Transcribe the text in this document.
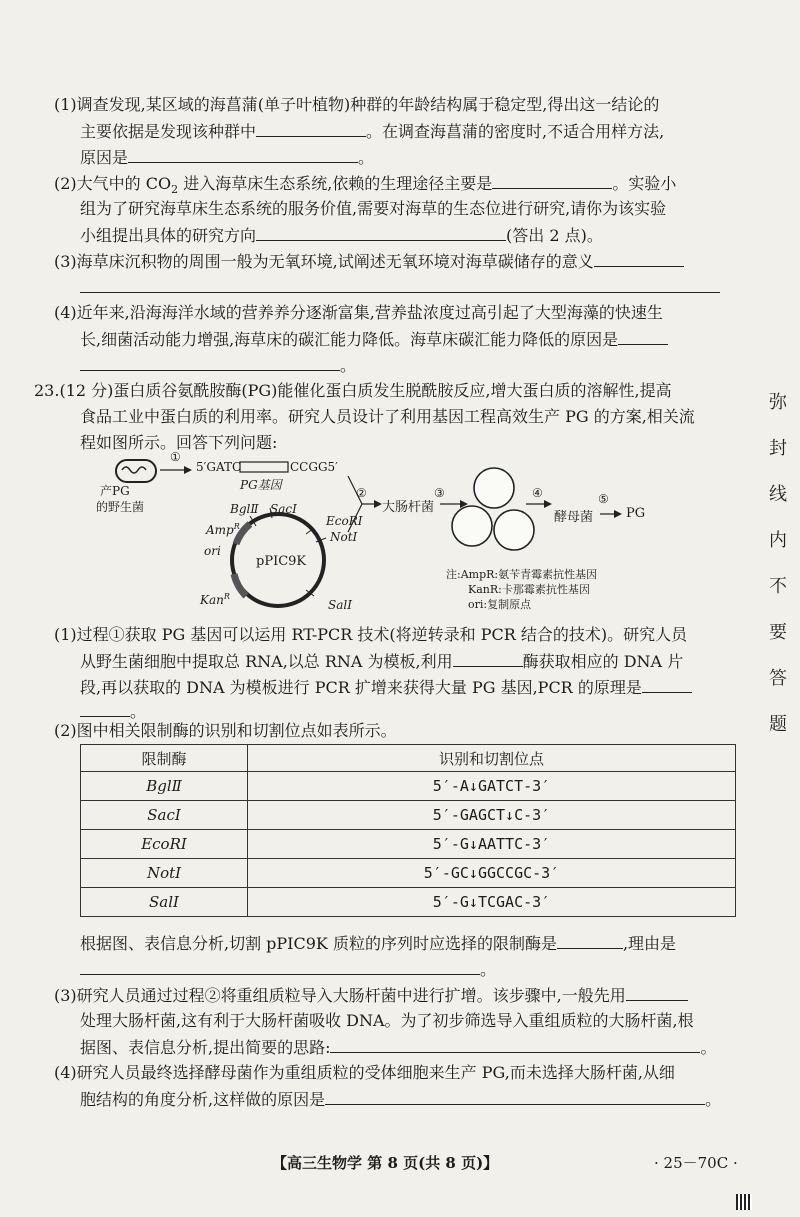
(1)调查发现,某区域的海菖蒲(单子叶植物)种群的年龄结构属于稳定型,得出这一结论的
主要依据是发现该种群中	。在调查海菖蒲的密度时,不适合用样方法,
原因是	。
(2)大气中的 $CO_2$ 进入海草床生态系统,依赖的生理途径主要是	。实验小
组为了研究海草床生态系统的服务价值,需要对海草的生态位进行研究,请你为该实验
小组提出具体的研究方向	(答出 2 点)。
(3)海草床沉积物的周围一般为无氧环境,试阐述无氧环境对海草碳储存的意义
(4)近年来,沿海海洋水域的营养养分逐渐富集,营养盐浓度过高引起了大型海藻的快速生
长,细菌活动能力增强,海草床的碳汇能力降低。海草床碳汇能力降低的原因是
。
23.(12 分)蛋白质谷氨酰胺酶(PG)能催化蛋白质发生脱酰胺反应,增大蛋白质的溶解性,提高
食品工业中蛋白质的利用率。研究人员设计了利用基因工程高效生产 PG 的方案,相关流
程如图所示。回答下列问题:
①
产PG
的野生菌
5′GATC	CCGG5′
PG基因
BglⅡ SacⅠ
Amp$^R$	EcoRⅠ
NotⅠ
ori
pPIC9K
Kan$^R$
SalⅠ
②
大肠杆菌
③	④
酵母菌
⑤
PG
注:AmpR:氨苄青霉素抗性基因
KanR:卡那霉素抗性基因
ori:复制原点
(1)过程①获取 PG 基因可以运用 RT-PCR 技术(将逆转录和 PCR 结合的技术)。研究人员
从野生菌细胞中提取总 RNA,以总 RNA 为模板,利用	酶获取相应的 DNA 片
段,再以获取的 DNA 为模板进行 PCR 扩增来获得大量 PG 基因,PCR 的原理是
。
(2)图中相关限制酶的识别和切割位点如表所示。
限制酶	识别和切割位点
BglⅡ	5′-A↓GATCT-3′
SacⅠ	5′-GAGCT↓C-3′
EcoRⅠ	5′-G↓AATTC-3′
NotⅠ	5′-GC↓GGCCGC-3′
SalⅠ	5′-G↓TCGAC-3′
根据图、表信息分析,切割 pPIC9K 质粒的序列时应选择的限制酶是	,理由是
。
(3)研究人员通过过程②将重组质粒导入大肠杆菌中进行扩增。该步骤中,一般先用
处理大肠杆菌,这有利于大肠杆菌吸收 DNA。为了初步筛选导入重组质粒的大肠杆菌,根
据图、表信息分析,提出简要的思路:	。
(4)研究人员最终选择酵母菌作为重组质粒的受体细胞来生产 PG,而未选择大肠杆菌,从细
胞结构的角度分析,这样做的原因是	。
弥
封
线
内
不
要
答
题
【高三生物学 第 8 页(共 8 页)】	· 25－70C ·
